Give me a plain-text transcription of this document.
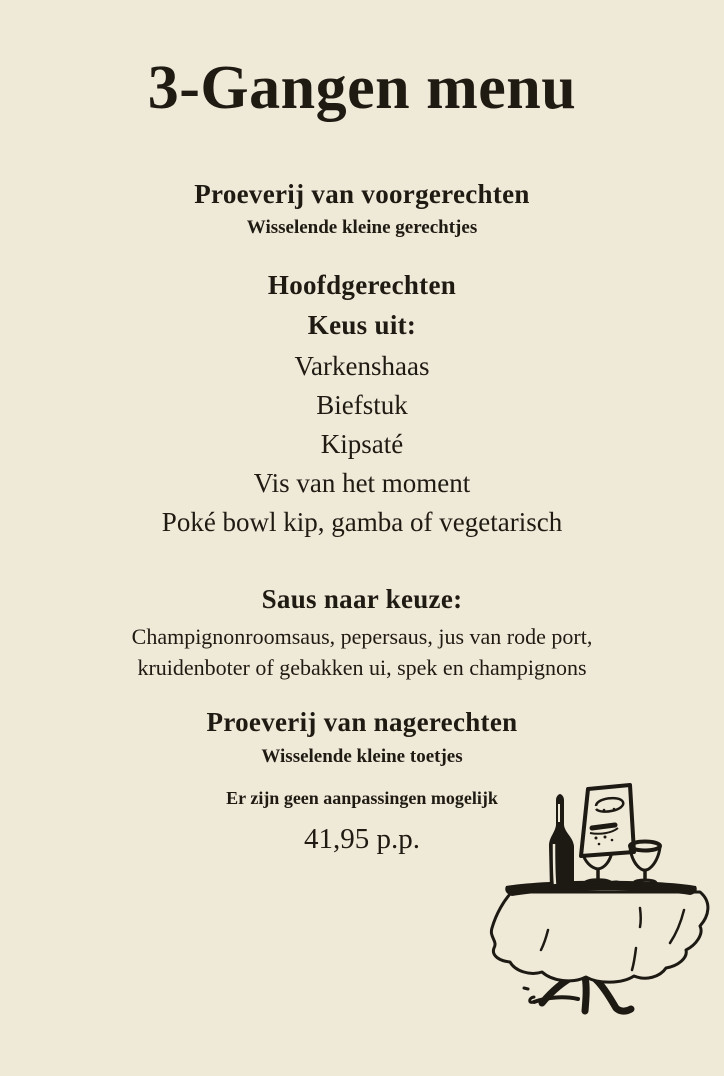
3-Gangen menu
Proeverij van voorgerechten
Wisselende kleine gerechtjes
Hoofdgerechten
Keus uit:
Varkenshaas
Biefstuk
Kipsaté
Vis van het moment
Poké bowl kip, gamba of vegetarisch
Saus naar keuze:
Champignonroomsaus, pepersaus, jus van rode port,
kruidenboter of gebakken ui, spek en champignons
Proeverij van nagerechten
Wisselende kleine toetjes
Er zijn geen aanpassingen mogelijk
41,95 p.p.
